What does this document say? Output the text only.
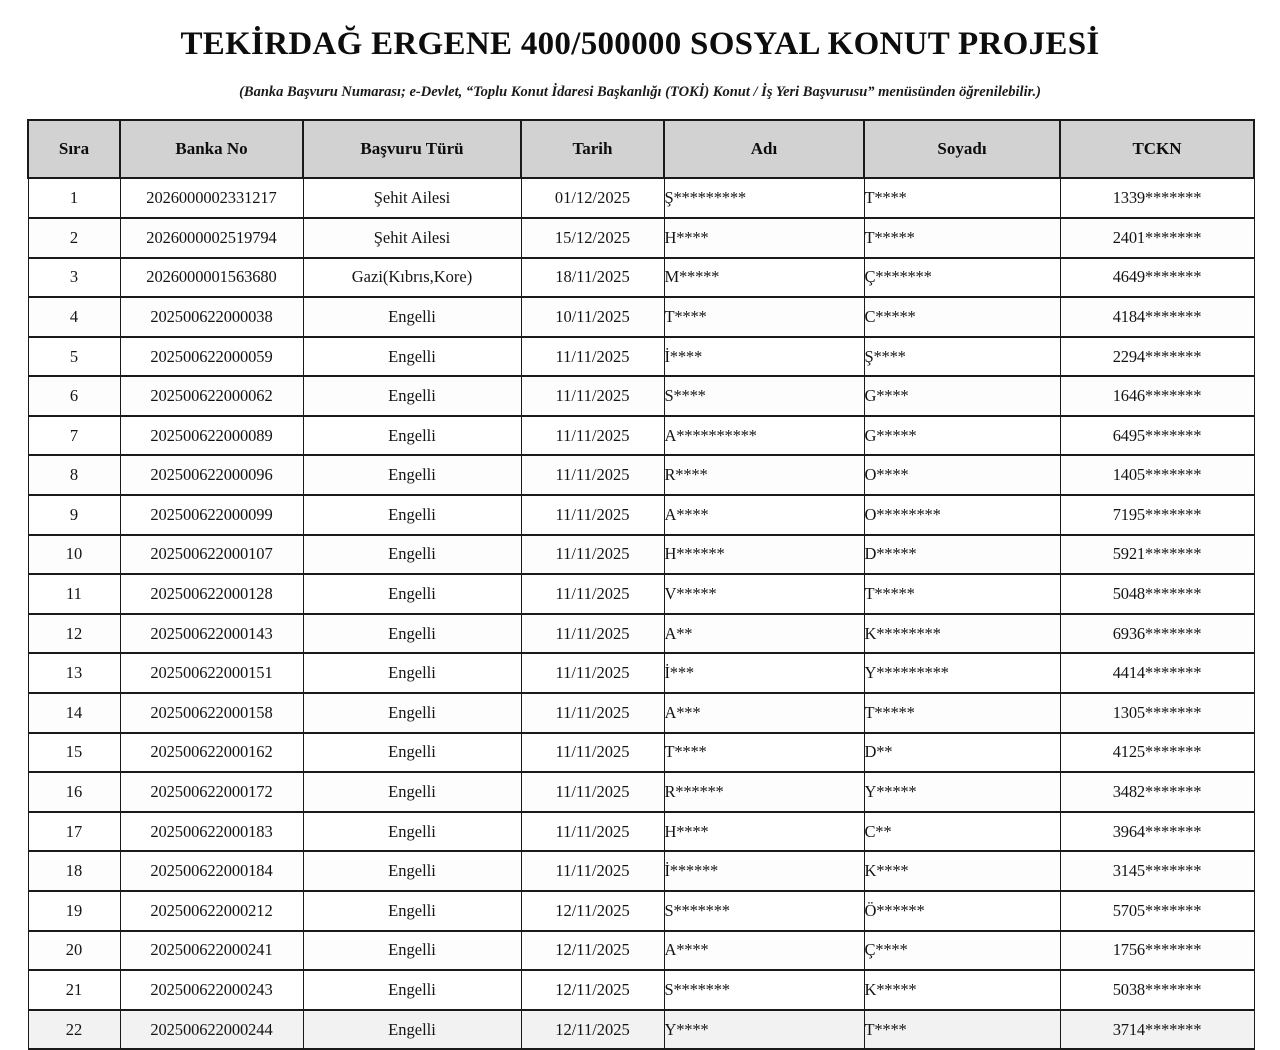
TEKİRDAĞ ERGENE 400/500000 SOSYAL KONUT PROJESİ

(Banka Başvuru Numarası; e-Devlet, “Toplu Konut İdaresi Başkanlığı (TOKİ) Konut / İş Yeri Başvurusu” menüsünden öğrenilebilir.)

Sıra	Banka No	Başvuru Türü	Tarih	Adı	Soyadı	TCKN
1	2026000002331217	Şehit Ailesi	01/12/2025	Ş*********	T****	1339*******
2	2026000002519794	Şehit Ailesi	15/12/2025	H****	T*****	2401*******
3	2026000001563680	Gazi(Kıbrıs,Kore)	18/11/2025	M*****	Ç*******	4649*******
4	202500622000038	Engelli	10/11/2025	T****	C*****	4184*******
5	202500622000059	Engelli	11/11/2025	İ****	Ş****	2294*******
6	202500622000062	Engelli	11/11/2025	S****	G****	1646*******
7	202500622000089	Engelli	11/11/2025	A**********	G*****	6495*******
8	202500622000096	Engelli	11/11/2025	R****	O****	1405*******
9	202500622000099	Engelli	11/11/2025	A****	O********	7195*******
10	202500622000107	Engelli	11/11/2025	H******	D*****	5921*******
11	202500622000128	Engelli	11/11/2025	V*****	T*****	5048*******
12	202500622000143	Engelli	11/11/2025	A**	K********	6936*******
13	202500622000151	Engelli	11/11/2025	İ***	Y*********	4414*******
14	202500622000158	Engelli	11/11/2025	A***	T*****	1305*******
15	202500622000162	Engelli	11/11/2025	T****	D**	4125*******
16	202500622000172	Engelli	11/11/2025	R******	Y*****	3482*******
17	202500622000183	Engelli	11/11/2025	H****	C**	3964*******
18	202500622000184	Engelli	11/11/2025	İ******	K****	3145*******
19	202500622000212	Engelli	12/11/2025	S*******	Ö******	5705*******
20	202500622000241	Engelli	12/11/2025	A****	Ç****	1756*******
21	202500622000243	Engelli	12/11/2025	S*******	K*****	5038*******
22	202500622000244	Engelli	12/11/2025	Y****	T****	3714*******
